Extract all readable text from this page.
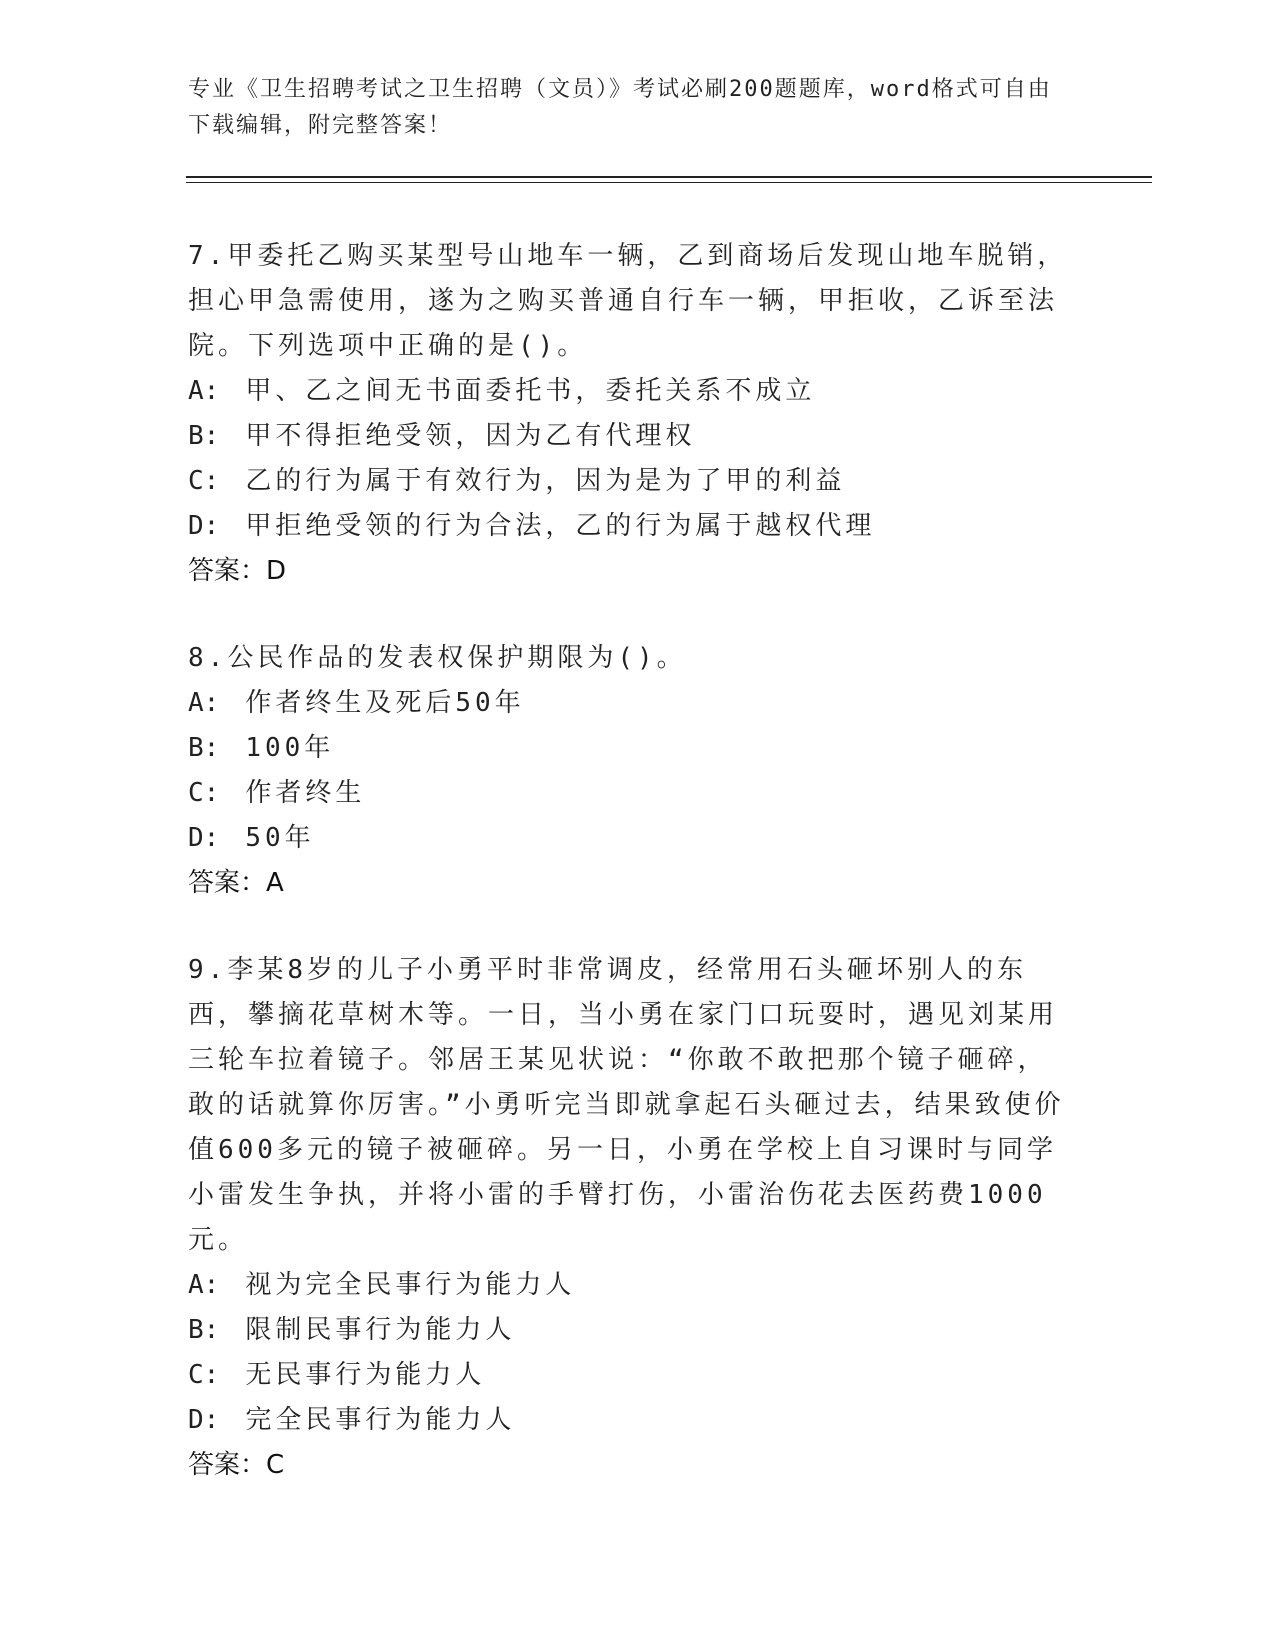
专业《卫生招聘考试之卫生招聘（文员）》考试必刷200题题库，word格式可自由下载编辑，附完整答案！

7.甲委托乙购买某型号山地车一辆，乙到商场后发现山地车脱销，担心甲急需使用，遂为之购买普通自行车一辆，甲拒收，乙诉至法院。下列选项中正确的是()。

A: 甲、乙之间无书面委托书，委托关系不成立

B: 甲不得拒绝受领，因为乙有代理权

C: 乙的行为属于有效行为，因为是为了甲的利益

D: 甲拒绝受领的行为合法，乙的行为属于越权代理

答案：D

8.公民作品的发表权保护期限为()。

A: 作者终生及死后50年

B: 100年

C: 作者终生

D: 50年

答案：A

9.李某8岁的儿子小勇平时非常调皮，经常用石头砸坏别人的东西，攀摘花草树木等。一日，当小勇在家门口玩耍时，遇见刘某用三轮车拉着镜子。邻居王某见状说：“你敢不敢把那个镜子砸碎，敢的话就算你厉害。”小勇听完当即就拿起石头砸过去，结果致使价值600多元的镜子被砸碎。另一日，小勇在学校上自习课时与同学小雷发生争执，并将小雷的手臂打伤，小雷治伤花去医药费1000元。

A: 视为完全民事行为能力人

B: 限制民事行为能力人

C: 无民事行为能力人

D: 完全民事行为能力人

答案：C
